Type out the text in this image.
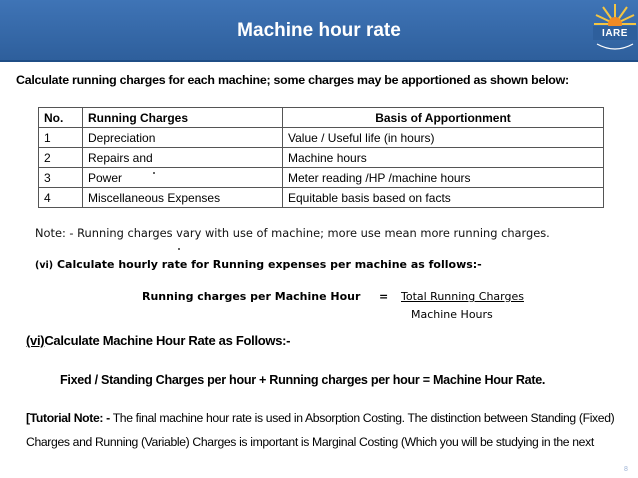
Machine hour rate	IARE
Calculate running charges for each machine; some charges may be apportioned as shown below:
No.	Running Charges	Basis of Apportionment
1	Depreciation	Value / Useful life (in hours)
2	Repairs and	Machine hours
3	Power	Meter reading /HP /machine hours
4	Miscellaneous Expenses	Equitable basis based on facts
Note: - Running charges vary with use of machine; more use mean more running charges.
(vi) Calculate hourly rate for Running expenses per machine as follows:-
Running charges per Machine Hour = Total Running Charges
Machine Hours
(vi)Calculate Machine Hour Rate as Follows:-
Fixed / Standing Charges per hour + Running charges per hour = Machine Hour Rate.
[Tutorial Note: - The final machine hour rate is used in Absorption Costing. The distinction between Standing (Fixed)
Charges and Running (Variable) Charges is important is Marginal Costing (Which you will be studying in the next
8
